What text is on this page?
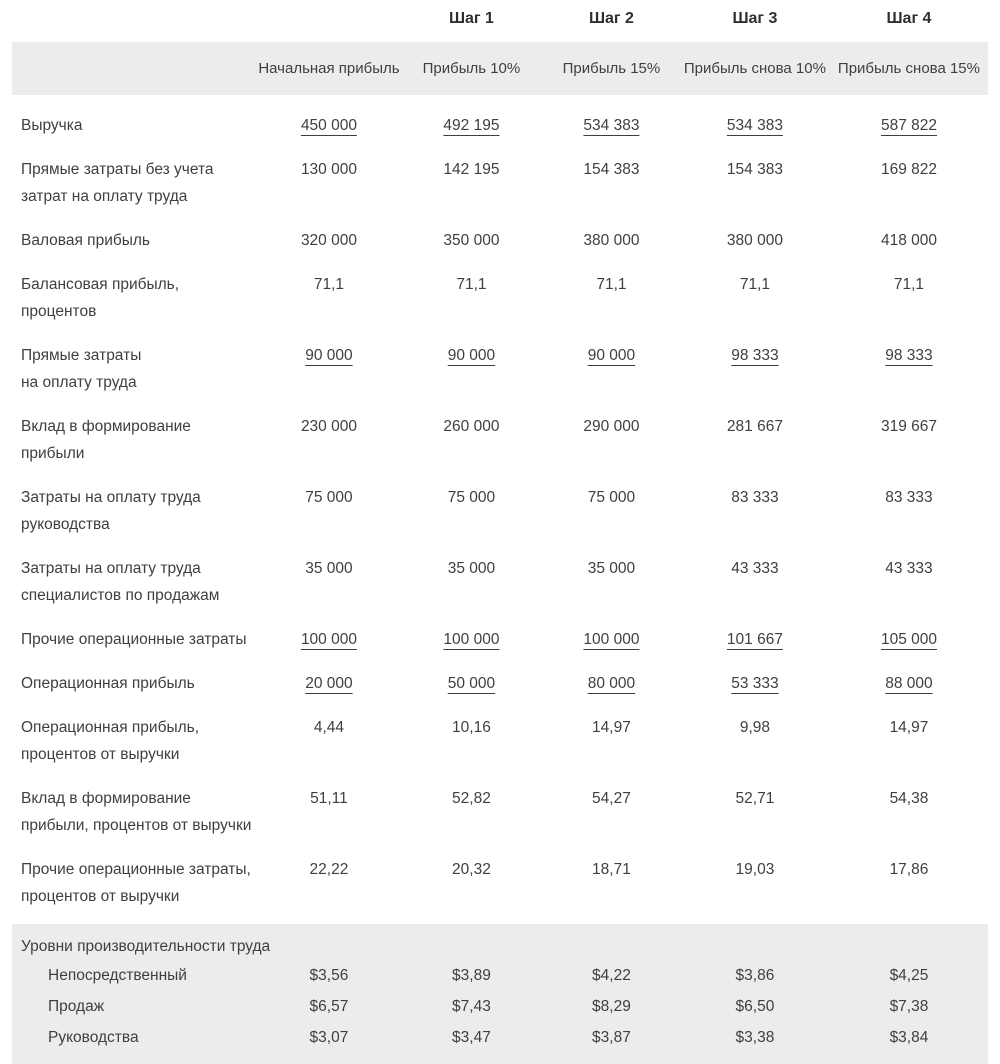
		Шаг 1	Шаг 2	Шаг 3	Шаг 4
	Начальная прибыль	Прибыль 10%	Прибыль 15%	Прибыль снова 10%	Прибыль снова 15%
Выручка	450 000	492 195	534 383	534 383	587 822
Прямые затраты без учета
затрат на оплату труда	130 000	142 195	154 383	154 383	169 822
Валовая прибыль	320 000	350 000	380 000	380 000	418 000
Балансовая прибыль, процентов	71,1	71,1	71,1	71,1	71,1
Прямые затраты
на оплату труда	90 000	90 000	90 000	98 333	98 333
Вклад в формирование
прибыли	230 000	260 000	290 000	281 667	319 667
Затраты на оплату труда
руководства	75 000	75 000	75 000	83 333	83 333
Затраты на оплату труда
специалистов по продажам	35 000	35 000	35 000	43 333	43 333
Прочие операционные затраты	100 000	100 000	100 000	101 667	105 000
Операционная прибыль	20 000	50 000	80 000	53 333	88 000
Операционная прибыль,
процентов от выручки	4,44	10,16	14,97	9,98	14,97
Вклад в формирование
прибыли, процентов от выручки	51,11	52,82	54,27	52,71	54,38
Прочие операционные затраты,
процентов от выручки	22,22	20,32	18,71	19,03	17,86
Уровни производительности труда					
Непосредственный	$3,56	$3,89	$4,22	$3,86	$4,25
Продаж	$6,57	$7,43	$8,29	$6,50	$7,38
Руководства	$3,07	$3,47	$3,87	$3,38	$3,84
